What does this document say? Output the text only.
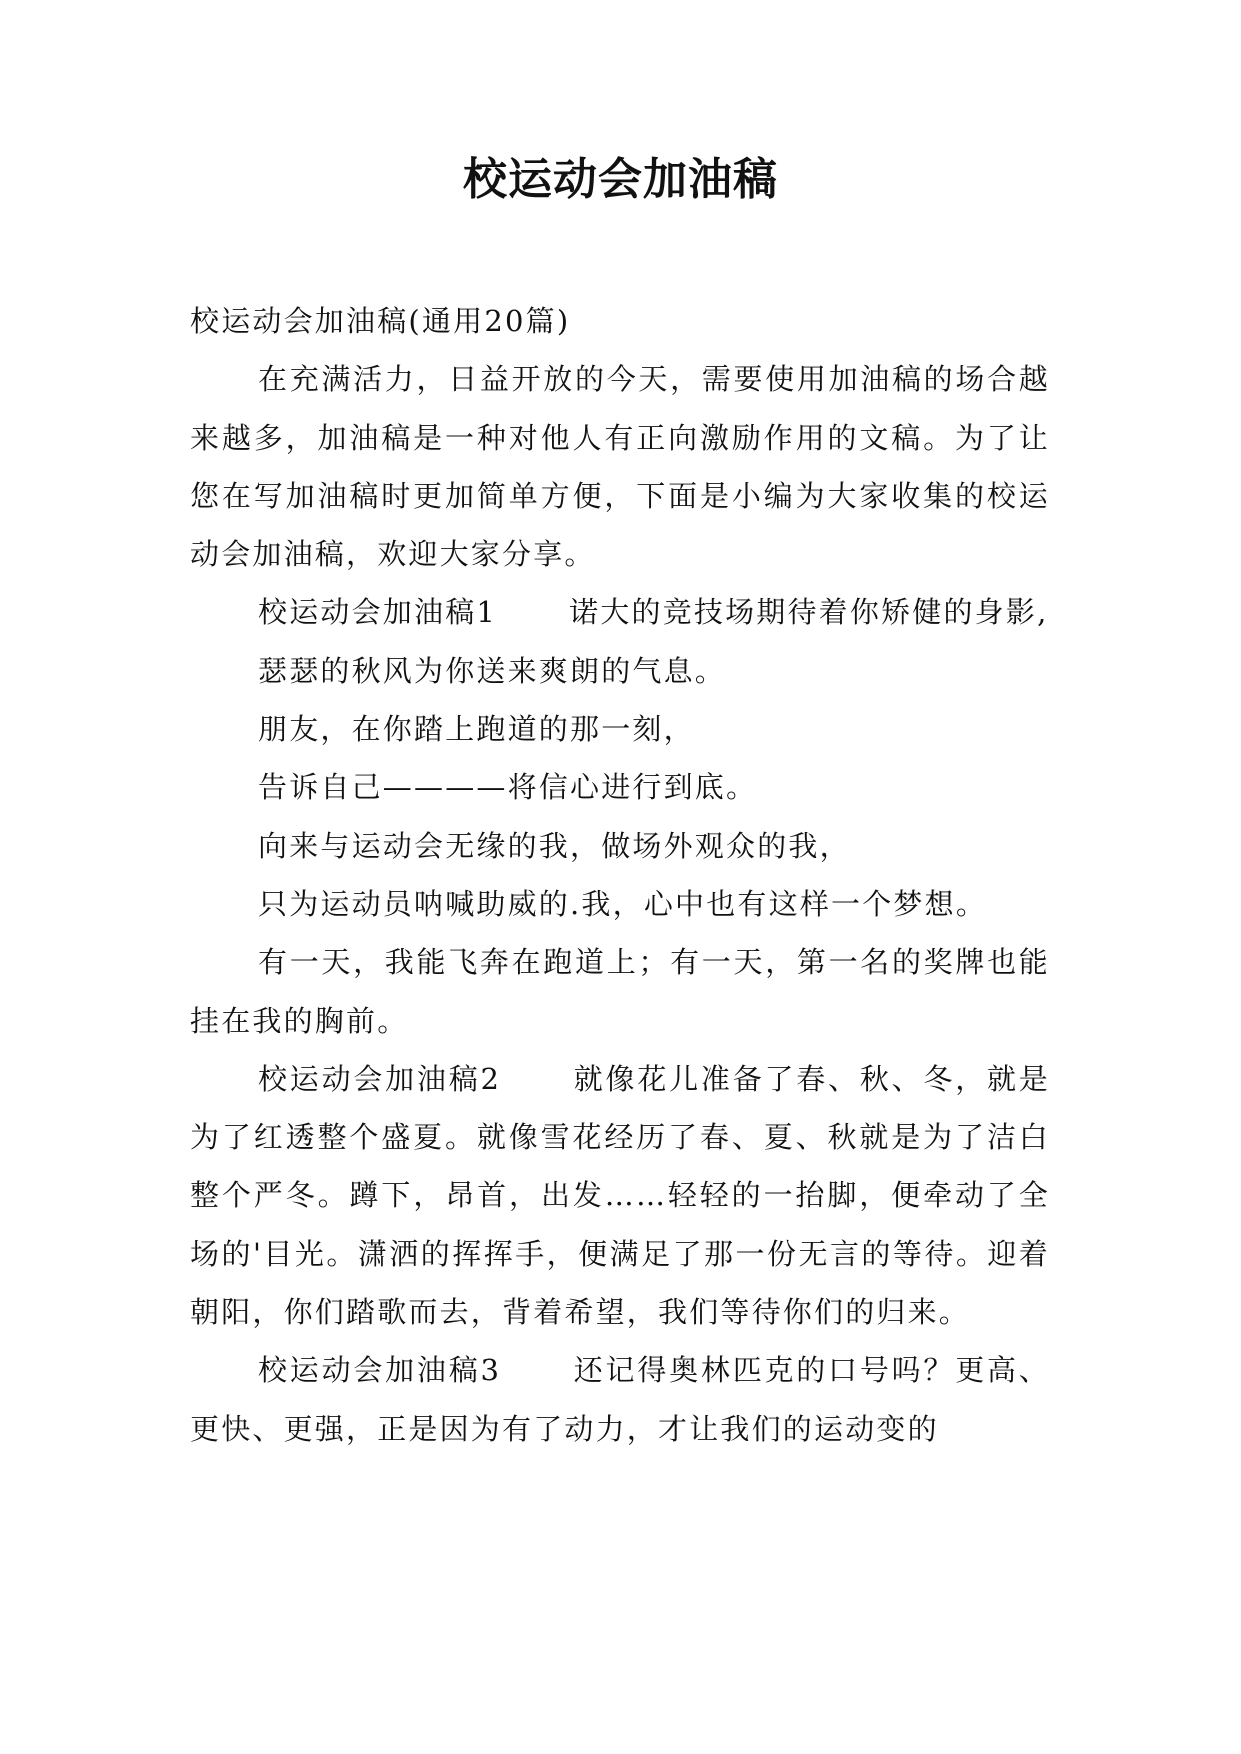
校运动会加油稿

校运动会加油稿(通用20篇)

在充满活力，日益开放的今天，需要使用加油稿的场合越来越多，加油稿是一种对他人有正向激励作用的文稿。为了让您在写加油稿时更加简单方便，下面是小编为大家收集的校运动会加油稿，欢迎大家分享。

校运动会加油稿1 诺大的竞技场期待着你矫健的身影,

瑟瑟的秋风为你送来爽朗的气息。

朋友，在你踏上跑道的那一刻，

告诉自己————将信心进行到底。

向来与运动会无缘的我，做场外观众的我，

只为运动员呐喊助威的.我，心中也有这样一个梦想。

有一天，我能飞奔在跑道上；有一天，第一名的奖牌也能挂在我的胸前。

校运动会加油稿2 就像花儿准备了春、秋、冬，就是为了红透整个盛夏。就像雪花经历了春、夏、秋就是为了洁白整个严冬。蹲下，昂首，出发……轻轻的一抬脚，便牵动了全场的'目光。潇洒的挥挥手，便满足了那一份无言的等待。迎着朝阳，你们踏歌而去，背着希望，我们等待你们的归来。

校运动会加油稿3 还记得奥林匹克的口号吗？更高、更快、更强，正是因为有了动力，才让我们的运动变的
